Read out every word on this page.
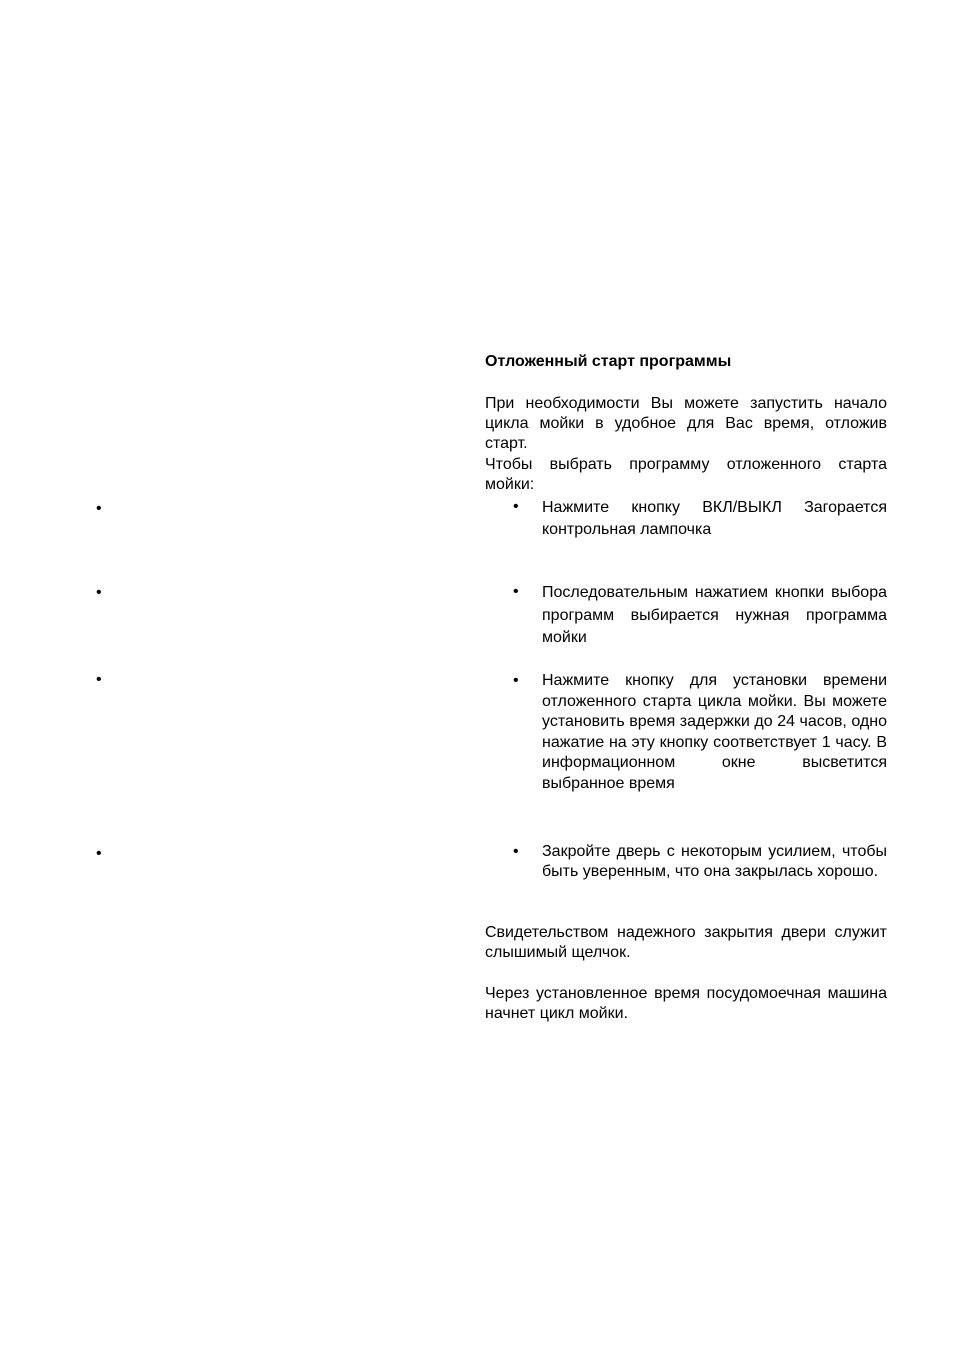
•
•
•
•
Отложенный старт программы
При необходимости Вы можете запустить начало цикла мойки в удобное для Вас время, отложив старт.
Чтобы выбрать программу отложенного старта мойки:
• Нажмите кнопку ВКЛ/ВЫКЛ Загорается контрольная лампочка
• Последовательным нажатием кнопки выбора программ выбирается нужная программа мойки
• Нажмите кнопку для установки времени отложенного старта цикла мойки. Вы можете установить время задержки до 24 часов, одно нажатие на эту кнопку соответствует 1 часу. В информационном окне высветится выбранное время
• Закройте дверь с некоторым усилием, чтобы быть уверенным, что она закрылась хорошо.
Свидетельством надежного закрытия двери служит слышимый щелчок.
Через установленное время посудомоечная машина начнет цикл мойки.
